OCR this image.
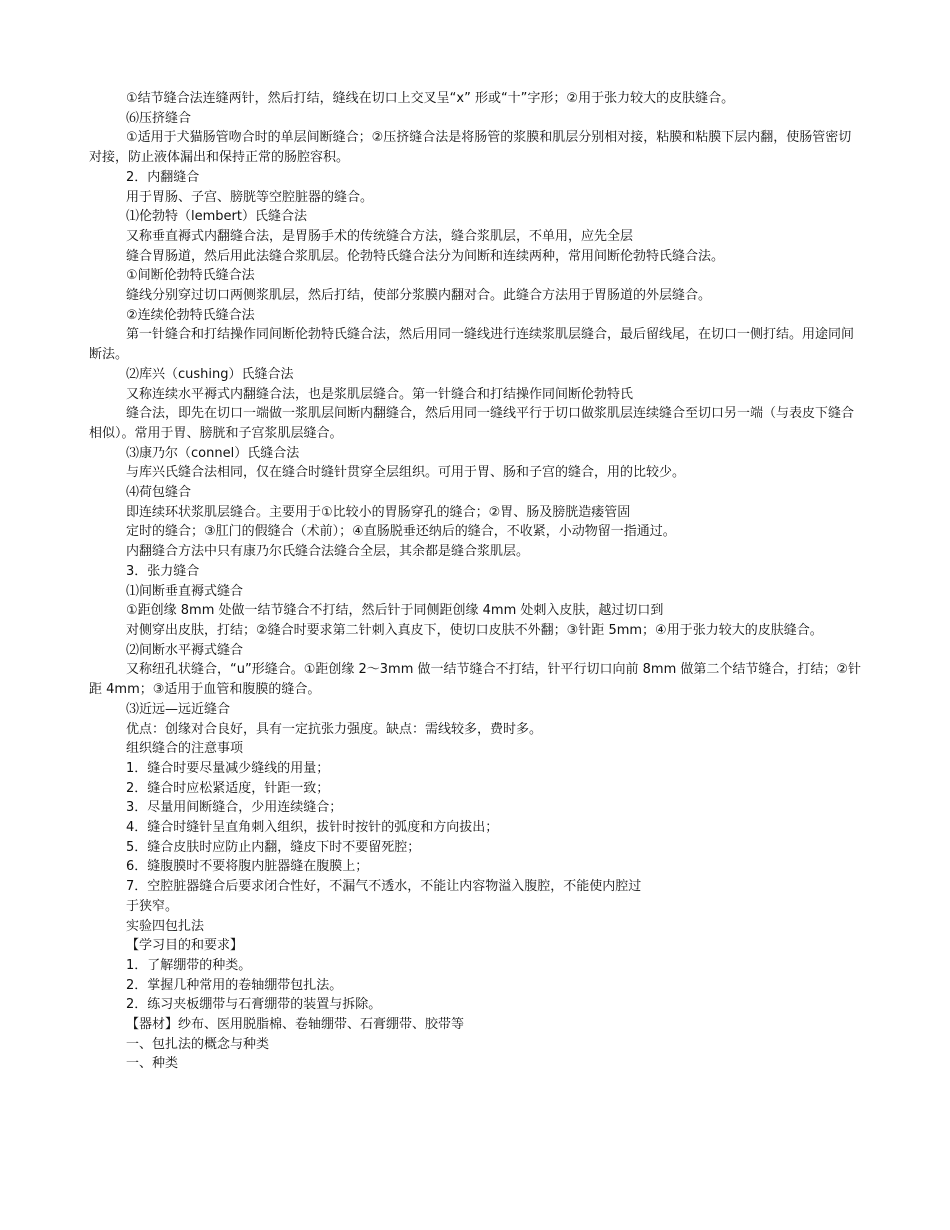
①结节缝合法连缝两针，然后打结，缝线在切口上交叉呈“x” 形或“十”字形；②用于张力较大的皮肤缝合。

⑹压挤缝合

①适用于犬猫肠管吻合时的单层间断缝合；②压挤缝合法是将肠管的浆膜和肌层分别相对接，粘膜和粘膜下层内翻，使肠管密切对接，防止液体漏出和保持正常的肠腔容积。

2．内翻缝合

用于胃肠、子宫、膀胱等空腔脏器的缝合。

⑴伦勃特（lembert）氏缝合法

又称垂直褥式内翻缝合法，是胃肠手术的传统缝合方法，缝合浆肌层，不单用，应先全层

缝合胃肠道，然后用此法缝合浆肌层。伦勃特氏缝合法分为间断和连续两种，常用间断伦勃特氏缝合法。

①间断伦勃特氏缝合法

缝线分别穿过切口两侧浆肌层，然后打结，使部分浆膜内翻对合。此缝合方法用于胃肠道的外层缝合。

②连续伦勃特氏缝合法

第一针缝合和打结操作同间断伦勃特氏缝合法，然后用同一缝线进行连续浆肌层缝合，最后留线尾，在切口一侧打结。用途同间断法。

⑵库兴（cushing）氏缝合法

又称连续水平褥式内翻缝合法，也是浆肌层缝合。第一针缝合和打结操作同间断伦勃特氏

缝合法，即先在切口一端做一浆肌层间断内翻缝合，然后用同一缝线平行于切口做浆肌层连续缝合至切口另一端（与表皮下缝合相似）。常用于胃、膀胱和子宫浆肌层缝合。

⑶康乃尔（connel）氏缝合法

与库兴氏缝合法相同，仅在缝合时缝针贯穿全层组织。可用于胃、肠和子宫的缝合，用的比较少。

⑷荷包缝合

即连续环状浆肌层缝合。主要用于①比较小的胃肠穿孔的缝合；②胃、肠及膀胱造瘘管固

定时的缝合；③肛门的假缝合（术前）；④直肠脱垂还纳后的缝合，不收紧，小动物留一指通过。

内翻缝合方法中只有康乃尔氏缝合法缝合全层，其余都是缝合浆肌层。

3．张力缝合

⑴间断垂直褥式缝合

①距创缘 8mm 处做一结节缝合不打结，然后针于同侧距创缘 4mm 处刺入皮肤，越过切口到

对侧穿出皮肤，打结；②缝合时要求第二针刺入真皮下，使切口皮肤不外翻；③针距 5mm；④用于张力较大的皮肤缝合。

⑵间断水平褥式缝合

又称纽孔状缝合，“u”形缝合。①距创缘 2～3mm 做一结节缝合不打结，针平行切口向前 8mm 做第二个结节缝合，打结；②针距 4mm；③适用于血管和腹膜的缝合。

⑶近远—远近缝合

优点：创缘对合良好，具有一定抗张力强度。缺点：需线较多，费时多。

组织缝合的注意事项

1．缝合时要尽量减少缝线的用量；

2．缝合时应松紧适度，针距一致；

3．尽量用间断缝合，少用连续缝合；

4．缝合时缝针呈直角刺入组织，拔针时按针的弧度和方向拔出；

5．缝合皮肤时应防止内翻，缝皮下时不要留死腔；

6．缝腹膜时不要将腹内脏器缝在腹膜上；

7．空腔脏器缝合后要求闭合性好，不漏气不透水，不能让内容物溢入腹腔，不能使内腔过

于狭窄。

实验四包扎法

【学习目的和要求】

1．了解绷带的种类。

2．掌握几种常用的卷轴绷带包扎法。

2．练习夹板绷带与石膏绷带的装置与拆除。

【器材】纱布、医用脱脂棉、卷轴绷带、石膏绷带、胶带等

一、包扎法的概念与种类

一、种类
